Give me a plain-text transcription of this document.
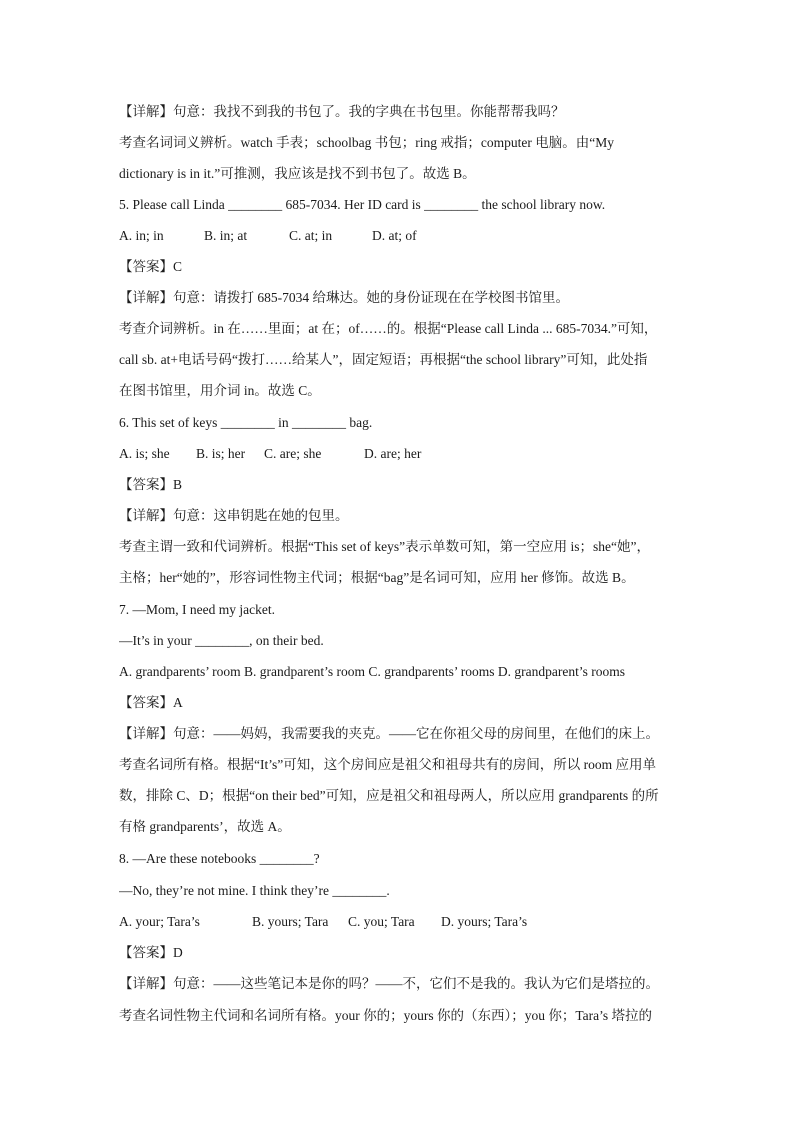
【详解】句意：我找不到我的书包了。我的字典在书包里。你能帮帮我吗？
考查名词词义辨析。watch 手表；schoolbag 书包；ring 戒指；computer 电脑。由“My
dictionary is in it.”可推测，我应该是找不到书包了。故选 B。
5. Please call Linda ________ 685-7034. Her ID card is ________ the school library now.
A. in; in	B. in; at	C. at; in	D. at; of
【答案】C
【详解】句意：请拨打 685-7034 给琳达。她的身份证现在在学校图书馆里。
考查介词辨析。in 在……里面；at 在；of……的。根据“Please call Linda ... 685-7034.”可知，
call sb. at+电话号码“拨打……给某人”，固定短语；再根据“the school library”可知，此处指
在图书馆里，用介词 in。故选 C。
6. This set of keys ________ in ________ bag.
A. is; she B. is; her C. are; she	D. are; her
【答案】B
【详解】句意：这串钥匙在她的包里。
考查主谓一致和代词辨析。根据“This set of keys”表示单数可知，第一空应用 is；she“她”，
主格；her“她的”，形容词性物主代词；根据“bag”是名词可知，应用 her 修饰。故选 B。
7. —Mom, I need my jacket.
—It’s in your ________, on their bed.
A. grandparents’ room B. grandparent’s room C. grandparents’ rooms D. grandparent’s rooms
【答案】A
【详解】句意：——妈妈，我需要我的夹克。——它在你祖父母的房间里，在他们的床上。
考查名词所有格。根据“It’s”可知，这个房间应是祖父和祖母共有的房间，所以 room 应用单
数，排除 C、D；根据“on their bed”可知，应是祖父和祖母两人，所以应用 grandparents 的所
有格 grandparents’，故选 A。
8. —Are these notebooks ________?
—No, they’re not mine. I think they’re ________.
A. your; Tara’s	B. yours; Tara C. you; Tara D. yours; Tara’s
【答案】D
【详解】句意：——这些笔记本是你的吗？——不，它们不是我的。我认为它们是塔拉的。
考查名词性物主代词和名词所有格。your 你的；yours 你的（东西）；you 你；Tara’s 塔拉的
